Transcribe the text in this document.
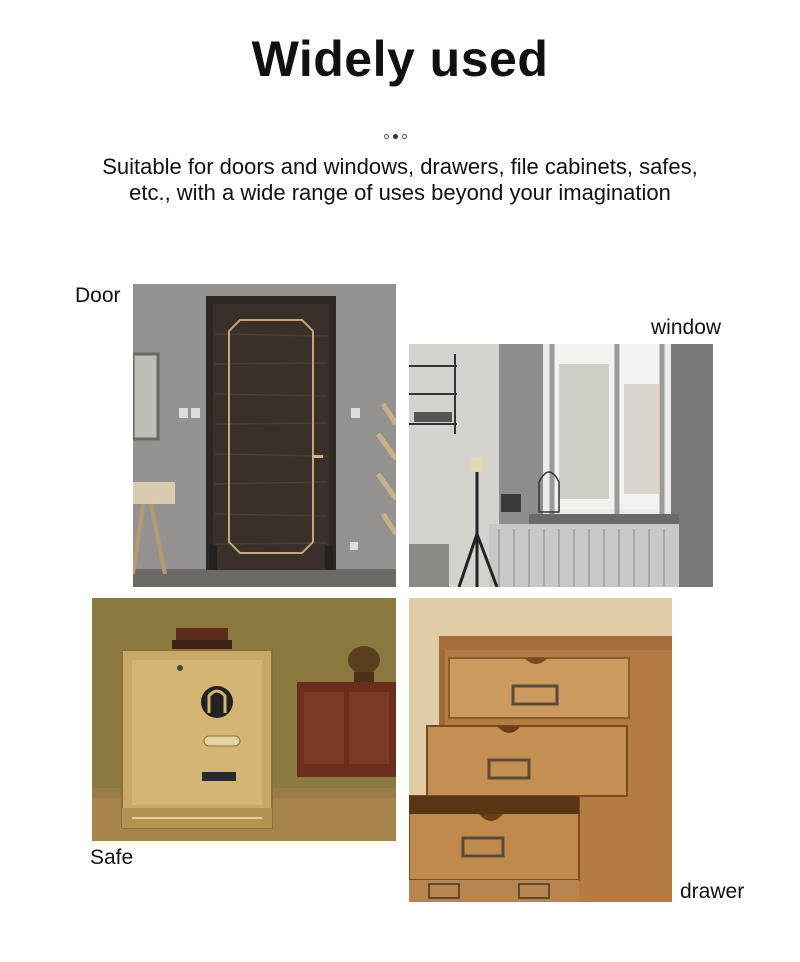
Widely used
Suitable for doors and windows, drawers, file cabinets, safes,
etc., with a wide range of uses beyond your imagination
Door
window
Safe
drawer
